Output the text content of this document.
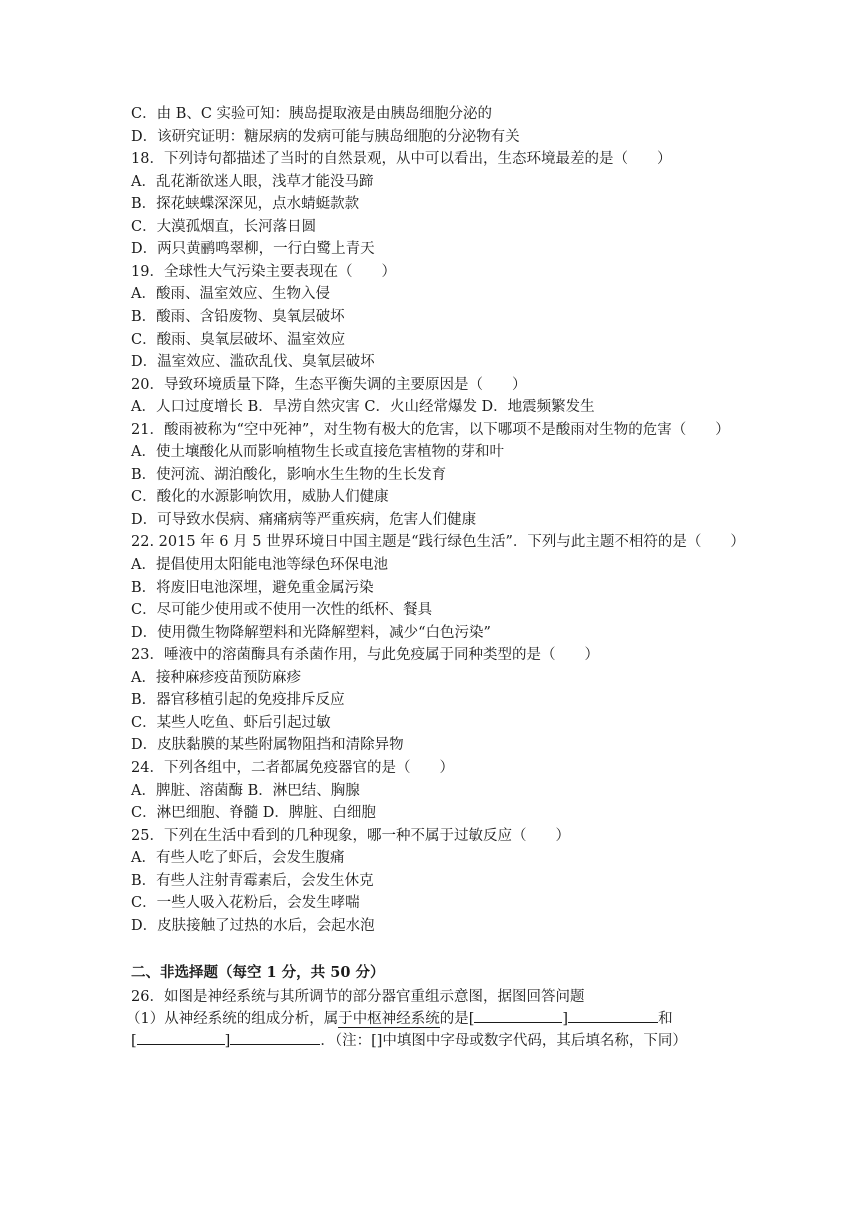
C．由 B、C 实验可知：胰岛提取液是由胰岛细胞分泌的
D．该研究证明：糖尿病的发病可能与胰岛细胞的分泌物有关
18．下列诗句都描述了当时的自然景观，从中可以看出，生态环境最差的是（　　）
A．乱花渐欲迷人眼，浅草才能没马蹄
B．探花蛱蝶深深见，点水蜻蜓款款
C．大漠孤烟直，长河落日圆
D．两只黄鹂鸣翠柳，一行白鹭上青天
19．全球性大气污染主要表现在（　　）
A．酸雨、温室效应、生物入侵
B．酸雨、含铅废物、臭氧层破坏
C．酸雨、臭氧层破坏、温室效应
D．温室效应、滥砍乱伐、臭氧层破坏
20．导致环境质量下降，生态平衡失调的主要原因是（　　）
A．人口过度增长 B．旱涝自然灾害 C．火山经常爆发 D．地震频繁发生
21．酸雨被称为“空中死神”，对生物有极大的危害，以下哪项不是酸雨对生物的危害（　　）
A．使土壤酸化从而影响植物生长或直接危害植物的芽和叶
B．使河流、湖泊酸化，影响水生生物的生长发育
C．酸化的水源影响饮用，威胁人们健康
D．可导致水俣病、痛痛病等严重疾病，危害人们健康
22. 2015 年 6 月 5 世界环境日中国主题是“践行绿色生活”．下列与此主题不相符的是（　　）
A．提倡使用太阳能电池等绿色环保电池
B．将废旧电池深埋，避免重金属污染
C．尽可能少使用或不使用一次性的纸杯、餐具
D．使用微生物降解塑料和光降解塑料，减少“白色污染”
23．唾液中的溶菌酶具有杀菌作用，与此免疫属于同种类型的是（　　）
A．接种麻疹疫苗预防麻疹
B．器官移植引起的免疫排斥反应
C．某些人吃鱼、虾后引起过敏
D．皮肤黏膜的某些附属物阻挡和清除异物
24．下列各组中，二者都属免疫器官的是（　　）
A．脾脏、溶菌酶 B．淋巴结、胸腺
C．淋巴细胞、脊髓 D．脾脏、白细胞
25．下列在生活中看到的几种现象，哪一种不属于过敏反应（　　）
A．有些人吃了虾后，会发生腹痛
B．有些人注射青霉素后，会发生休克
C．一些人吸入花粉后，会发生哮喘
D．皮肤接触了过热的水后，会起水泡
二、非选择题（每空 1 分，共 50 分）
26．如图是神经系统与其所调节的部分器官重组示意图，据图回答问题
（1）从神经系统的组成分析，属于中枢神经系统的是[	]	和
[	]	．（注：[]中填图中字母或数字代码，其后填名称，下同）
